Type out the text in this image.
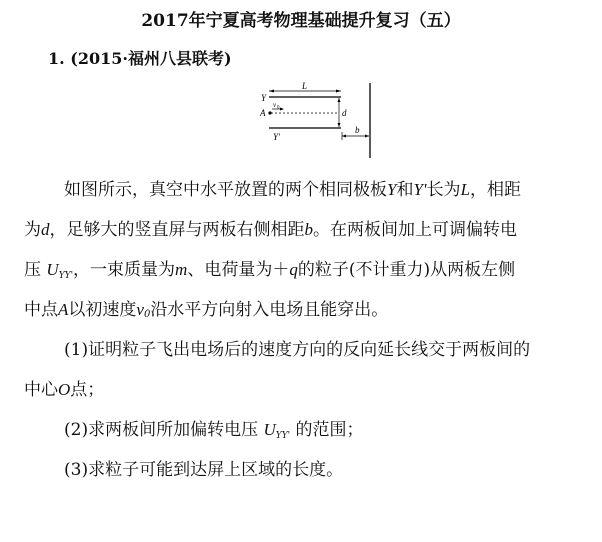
2017年宁夏高考物理基础提升复习（五）
1. (2015·福州八县联考)
Y
L
A
v 0	d
Y'
b
如图所示，真空中水平放置的两个相同极板Y和Y'长为L，相距
为d，足够大的竖直屏与两板右侧相距b。在两板间加上可调偏转电
压 UYY'，一束质量为m、电荷量为＋q的粒子(不计重力)从两板左侧
中点A以初速度$v_0$沿水平方向射入电场且能穿出。
(1)证明粒子飞出电场后的速度方向的反向延长线交于两板间的
中心O点；
(2)求两板间所加偏转电压 UYY' 的范围；
(3)求粒子可能到达屏上区域的长度。
